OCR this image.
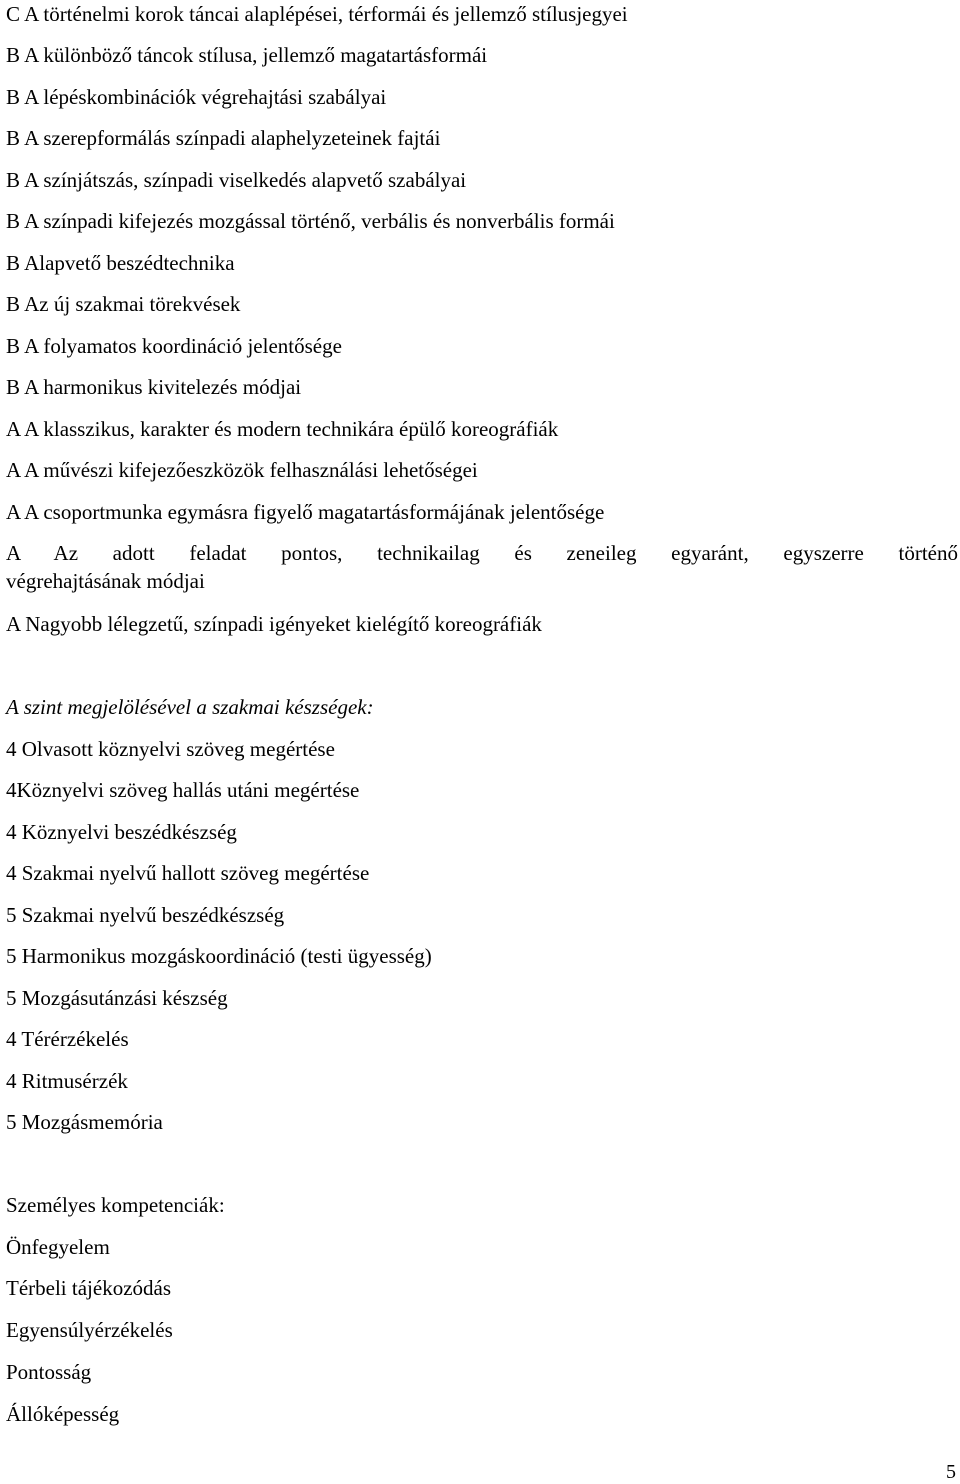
C A történelmi korok táncai alaplépései, térformái és jellemző stílusjegyei
B A különböző táncok stílusa, jellemző magatartásformái
B A lépéskombinációk végrehajtási szabályai
B A szerepformálás színpadi alaphelyzeteinek fajtái
B A színjátszás, színpadi viselkedés alapvető szabályai
B A színpadi kifejezés mozgással történő, verbális és nonverbális formái
B Alapvető beszédtechnika
B Az új szakmai törekvések
B A folyamatos koordináció jelentősége
B A harmonikus kivitelezés módjai
A A klasszikus, karakter és modern technikára épülő koreográfiák
A A művészi kifejezőeszközök felhasználási lehetőségei
A A csoportmunka egymásra figyelő magatartásformájának jelentősége
A Az adott feladat pontos, technikailag és zeneileg egyaránt, egyszerre történő
végrehajtásának módjai
A Nagyobb lélegzetű, színpadi igényeket kielégítő koreográfiák
A szint megjelölésével a szakmai készségek:
4 Olvasott köznyelvi szöveg megértése
4Köznyelvi szöveg hallás utáni megértése
4 Köznyelvi beszédkészség
4 Szakmai nyelvű hallott szöveg megértése
5 Szakmai nyelvű beszédkészség
5 Harmonikus mozgáskoordináció (testi ügyesség)
5 Mozgásutánzási készség
4 Térérzékelés
4 Ritmusérzék
5 Mozgásmemória
Személyes kompetenciák:
Önfegyelem
Térbeli tájékozódás
Egyensúlyérzékelés
Pontosság
Állóképesség
5
